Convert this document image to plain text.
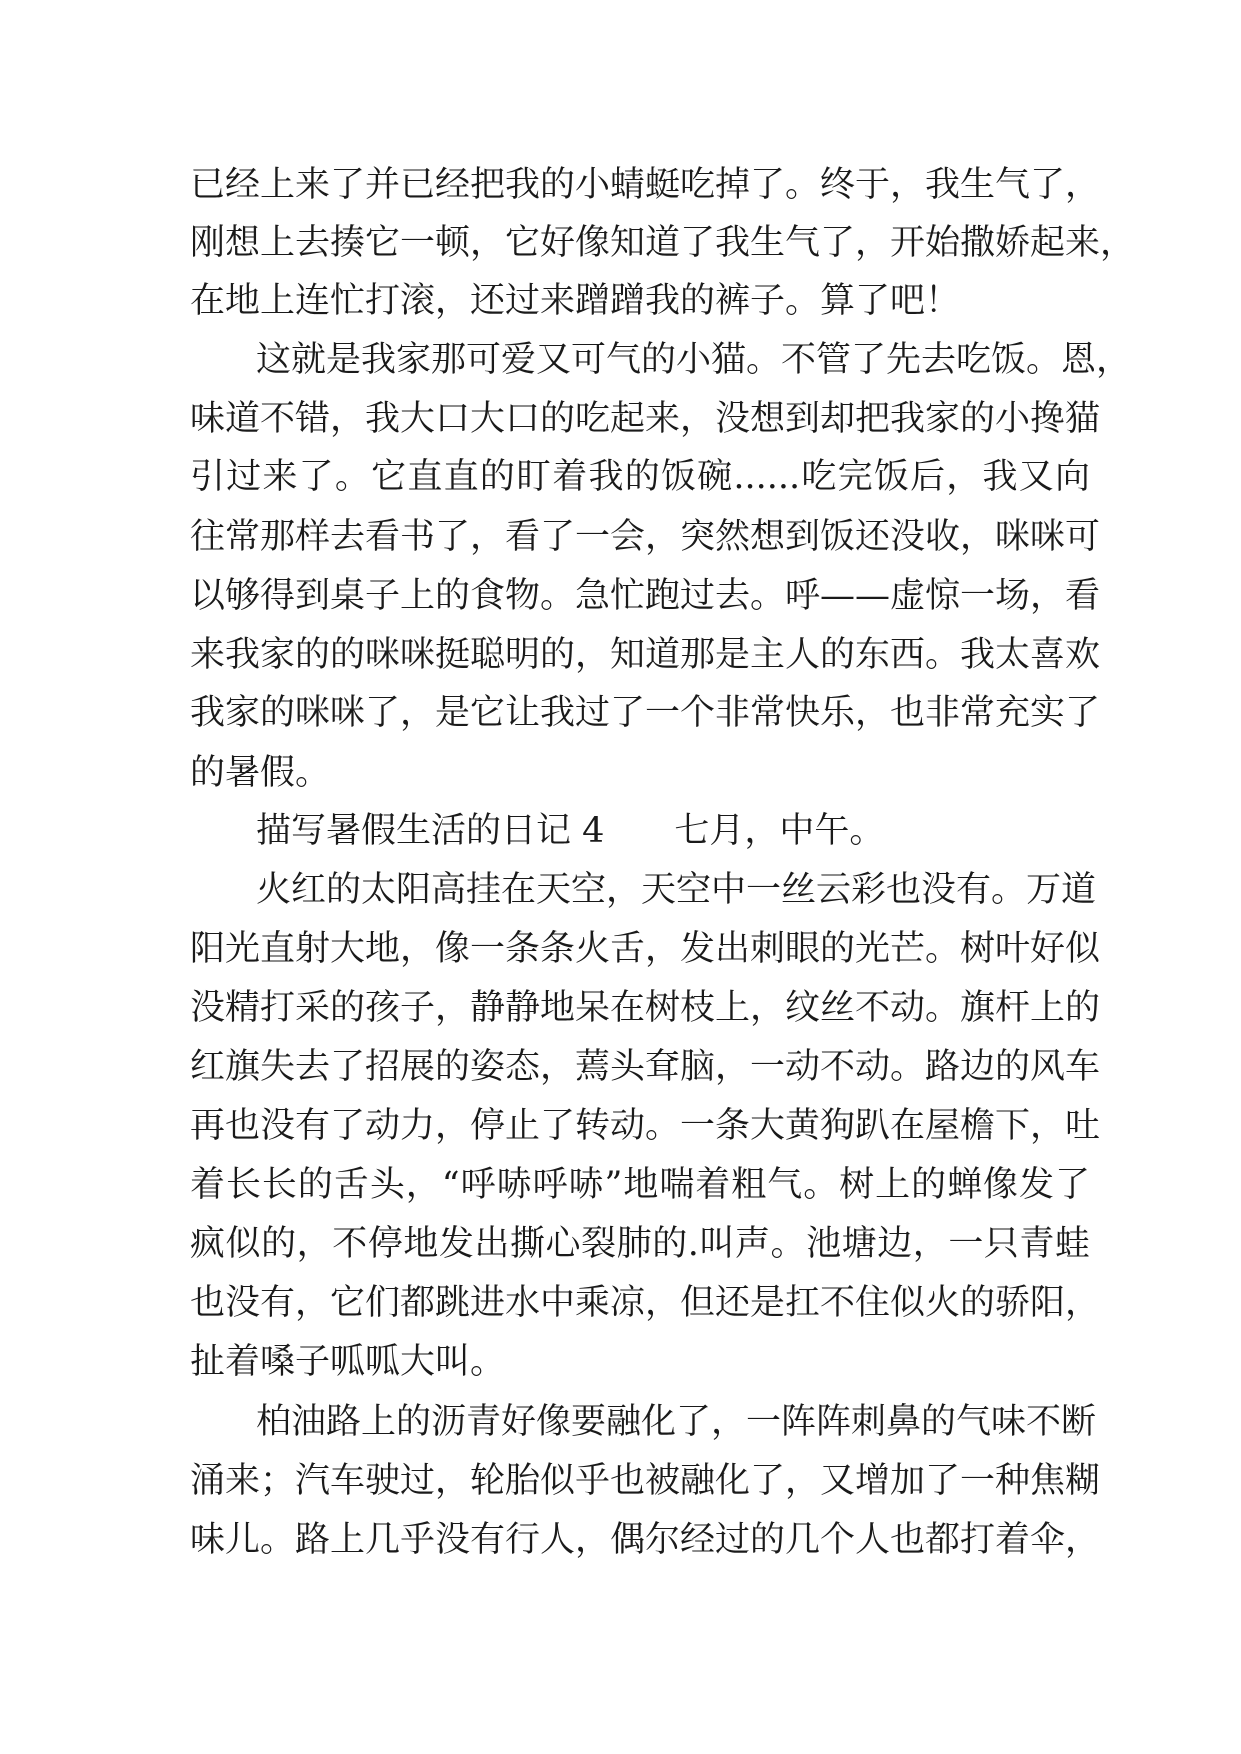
已经上来了并已经把我的小蜻蜓吃掉了。终于，我生气了，
刚想上去揍它一顿，它好像知道了我生气了，开始撒娇起来，
在地上连忙打滚，还过来蹭蹭我的裤子。算了吧！
这就是我家那可爱又可气的小猫。不管了先去吃饭。恩，
味道不错，我大口大口的吃起来，没想到却把我家的小搀猫
引过来了。它直直的盯着我的饭碗......吃完饭后，我又向
往常那样去看书了，看了一会，突然想到饭还没收，咪咪可
以够得到桌子上的食物。急忙跑过去。呼——虚惊一场，看
来我家的的咪咪挺聪明的，知道那是主人的东西。我太喜欢
我家的咪咪了，是它让我过了一个非常快乐，也非常充实了
的暑假。
描写暑假生活的日记 4　　七月，中午。
火红的太阳高挂在天空，天空中一丝云彩也没有。万道
阳光直射大地，像一条条火舌，发出刺眼的光芒。树叶好似
没精打采的孩子，静静地呆在树枝上，纹丝不动。旗杆上的
红旗失去了招展的姿态，蔫头耷脑，一动不动。路边的风车
再也没有了动力，停止了转动。一条大黄狗趴在屋檐下，吐
着长长的舌头，“呼哧呼哧”地喘着粗气。树上的蝉像发了
疯似的，不停地发出撕心裂肺的.叫声。池塘边，一只青蛙
也没有，它们都跳进水中乘凉，但还是扛不住似火的骄阳，
扯着嗓子呱呱大叫。
柏油路上的沥青好像要融化了，一阵阵刺鼻的气味不断
涌来；汽车驶过，轮胎似乎也被融化了，又增加了一种焦糊
味儿。路上几乎没有行人，偶尔经过的几个人也都打着伞，
